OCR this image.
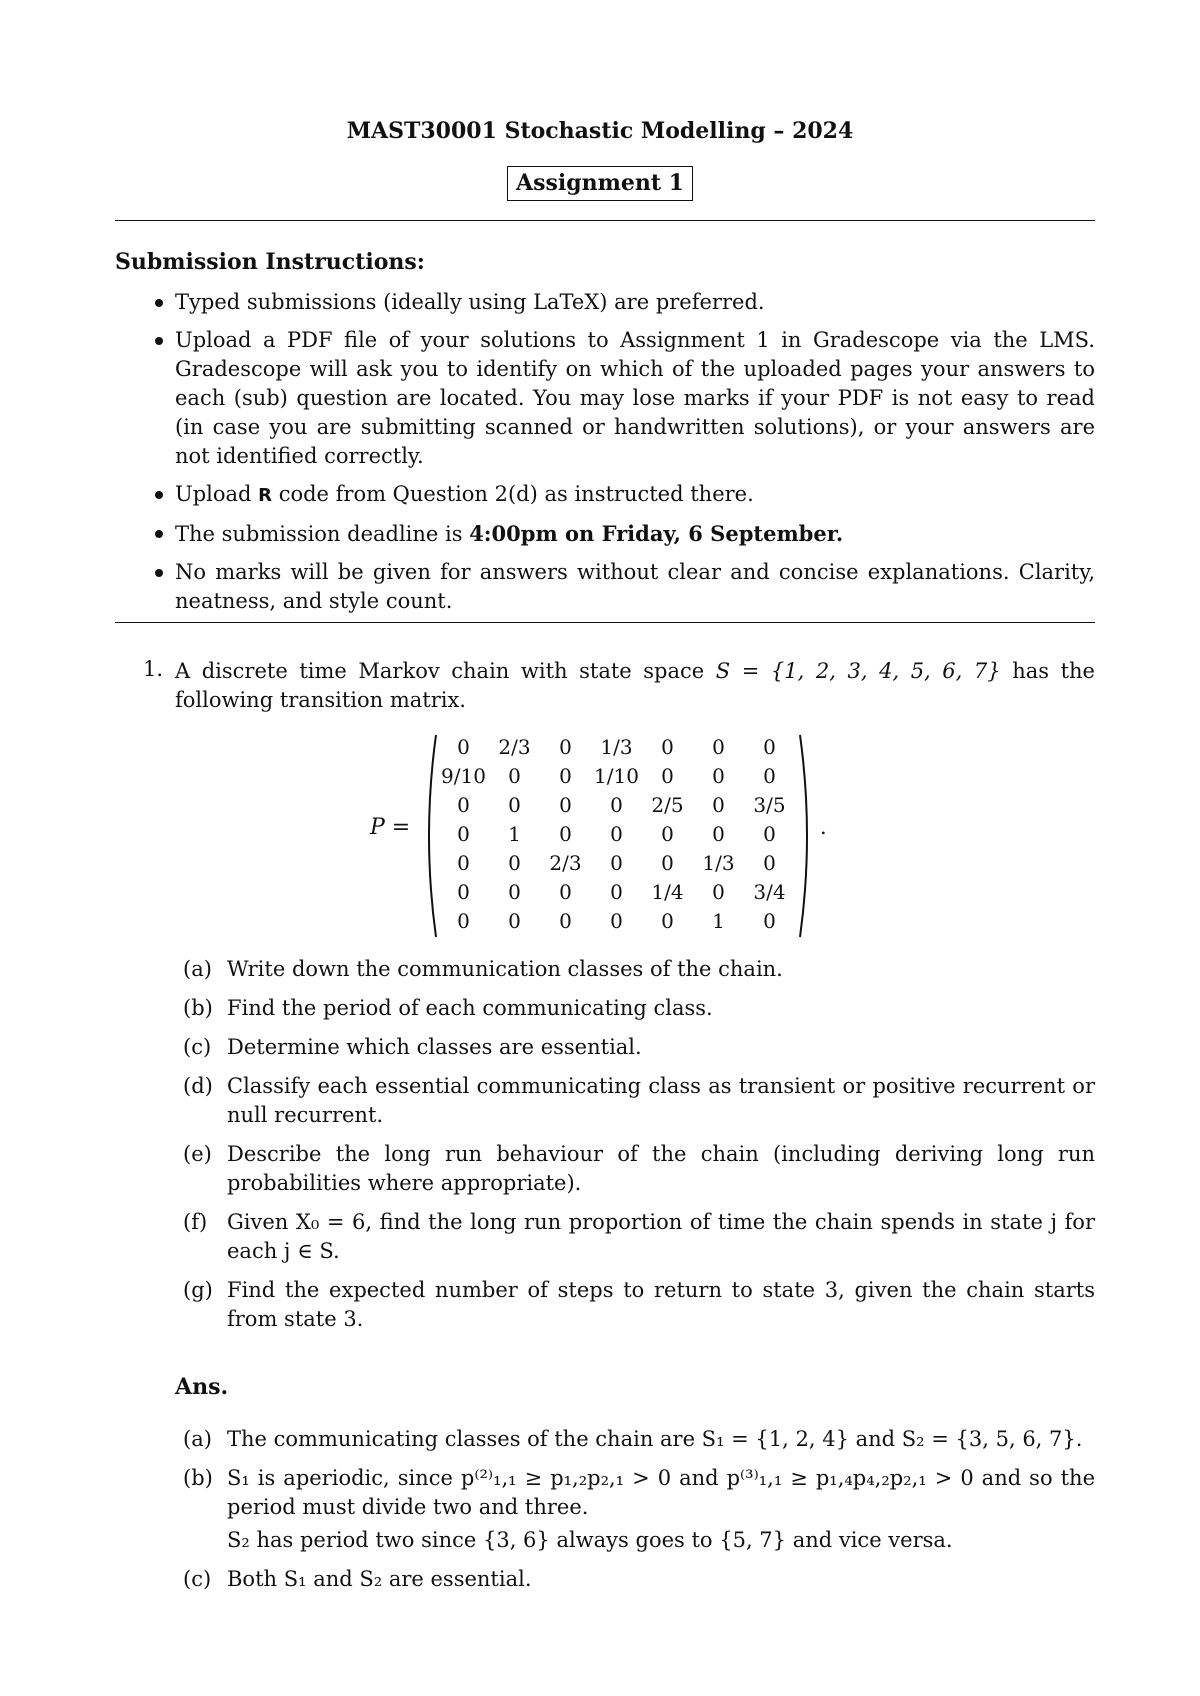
MAST30001 Stochastic Modelling – 2024
Assignment 1
Submission Instructions:
Typed submissions (ideally using LaTeX) are preferred.
Upload a PDF file of your solutions to Assignment 1 in Gradescope via the LMS. Gradescope will ask you to identify on which of the uploaded pages your answers to each (sub) question are located. You may lose marks if your PDF is not easy to read (in case you are submitting scanned or handwritten solutions), or your answers are not identified correctly.
Upload R code from Question 2(d) as instructed there.
The submission deadline is 4:00pm on Friday, 6 September.
No marks will be given for answers without clear and concise explanations. Clarity, neatness, and style count.
1. A discrete time Markov chain with state space S = {1, 2, 3, 4, 5, 6, 7} has the following transition matrix.
P =
0	2/3	0	1/3	0	0	0
9/10	0	0	1/10	0	0	0
0	0	0	0	2/5	0	3/5
0	1	0	0	0	0	0
0	0	2/3	0	0	1/3	0
0	0	0	0	1/4	0	3/4
0	0	0	0	0	1	0
.
(a) Write down the communication classes of the chain.
(b) Find the period of each communicating class.
(c) Determine which classes are essential.
(d) Classify each essential communicating class as transient or positive recurrent or null recurrent.
(e) Describe the long run behaviour of the chain (including deriving long run probabilities where appropriate).
(f) Given X₀ = 6, find the long run proportion of time the chain spends in state j for each j ∈ S.
(g) Find the expected number of steps to return to state 3, given the chain starts from state 3.
Ans.
(a) The communicating classes of the chain are S₁ = {1, 2, 4} and S₂ = {3, 5, 6, 7}.
(b) S₁ is aperiodic, since p⁽²⁾₁,₁ ≥ p₁,₂p₂,₁ > 0 and p⁽³⁾₁,₁ ≥ p₁,₄p₄,₂p₂,₁ > 0 and so the period must divide two and three.
S₂ has period two since {3, 6} always goes to {5, 7} and vice versa.
(c) Both S₁ and S₂ are essential.
